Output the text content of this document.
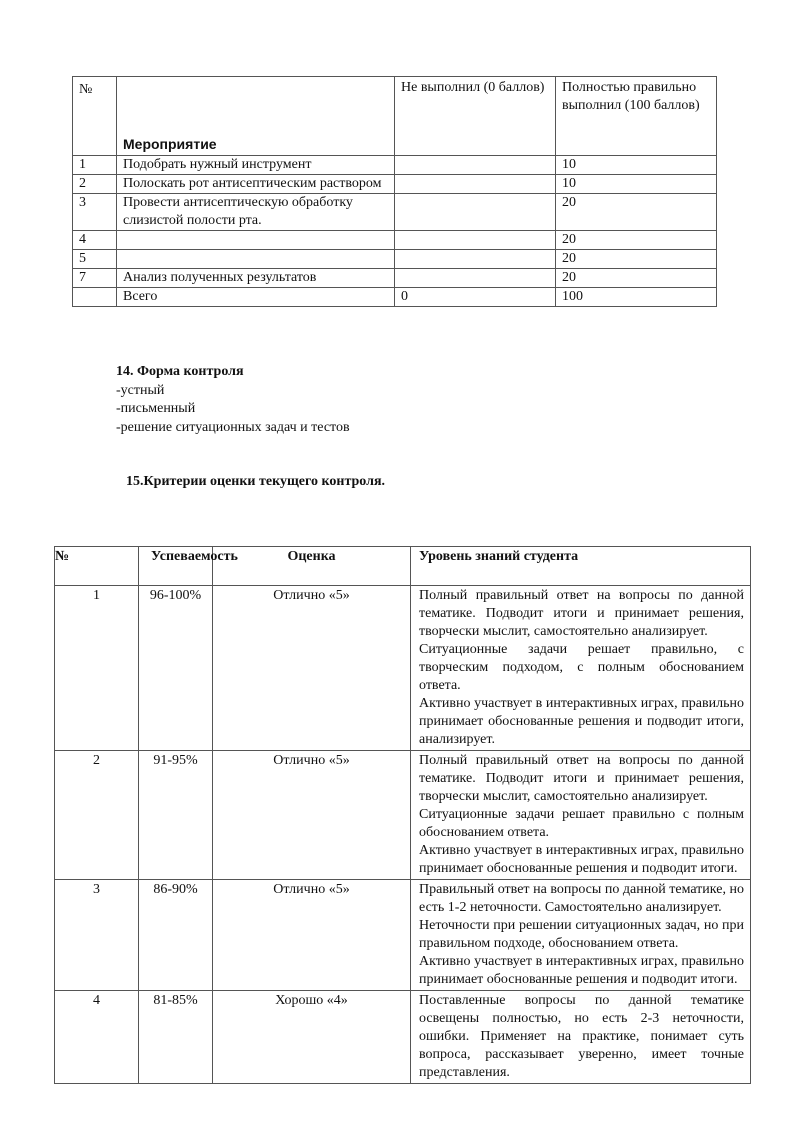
№	Мероприятие	Не выполнил (0 баллов)	Полностью правильно выполнил (100 баллов)
1	Подобрать нужный инструмент		10
2	Полоскать рот антисептическим раствором		10
3	Провести антисептическую обработку слизистой полости рта.		20
4			20
5			20
7	Анализ полученных результатов		20
	Всего	0	100
14. Форма контроля
-устный
-письменный
-решение ситуационных задач и тестов
15.Критерии оценки текущего контроля.
№	Успеваемость	Оценка	Уровень знаний студента
1	96-100%	Отлично «5»	Полный правильный ответ на вопросы по данной тематике. Подводит итоги и принимает решения, творчески мыслит, самостоятельно анализирует.

Ситуационные задачи решает правильно, с творческим подходом, с полным обоснованием ответа.

Активно участвует в интерактивных играх, правильно принимает обоснованные решения и подводит итоги, анализирует.

2	91-95%	Отлично «5»	Полный правильный ответ на вопросы по данной тематике. Подводит итоги и принимает решения, творчески мыслит, самостоятельно анализирует.

Ситуационные задачи решает правильно с полным обоснованием ответа.

Активно участвует в интерактивных играх, правильно принимает обоснованные решения и подводит итоги.

3	86-90%	Отлично «5»	Правильный ответ на вопросы по данной тематике, но есть 1-2 неточности. Самостоятельно анализирует.

Неточности при решении ситуационных задач, но при правильном подходе, обоснованием ответа.

Активно участвует в интерактивных играх, правильно принимает обоснованные решения и подводит итоги.

4	81-85%	Хорошо «4»	Поставленные вопросы по данной тематике освещены полностью, но есть 2-3 неточности, ошибки. Применяет на практике, понимает суть вопроса, рассказывает уверенно, имеет точные представления.
